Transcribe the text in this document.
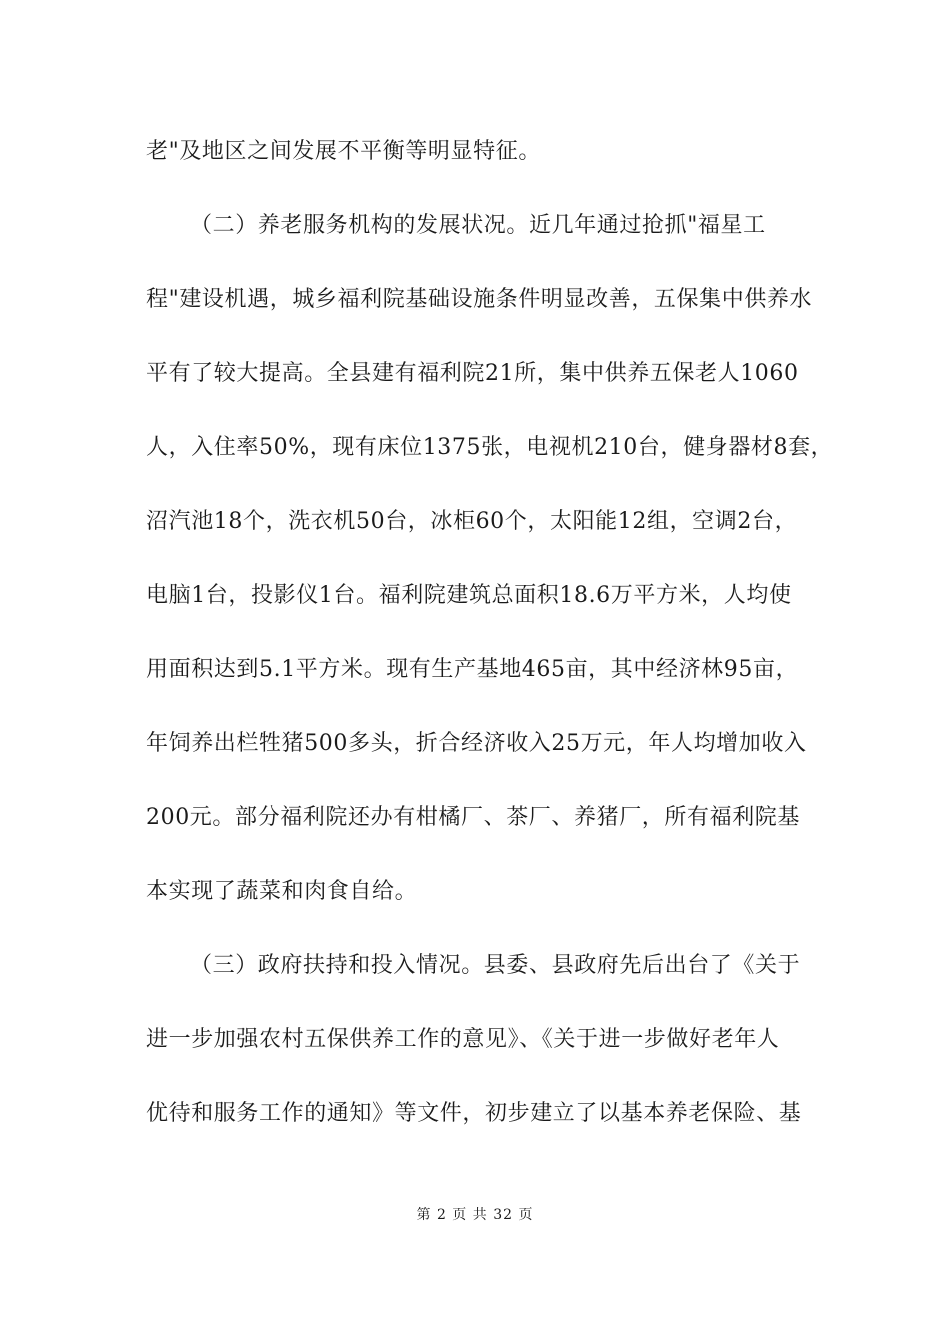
老"及地区之间发展不平衡等明显特征。

（二）养老服务机构的发展状况。近几年通过抢抓"福星工

程"建设机遇，城乡福利院基础设施条件明显改善，五保集中供养水

平有了较大提高。全县建有福利院21所，集中供养五保老人1060

人，入住率50%，现有床位1375张，电视机210台，健身器材8套，

沼汽池18个，洗衣机50台，冰柜60个，太阳能12组，空调2台，

电脑1台，投影仪1台。福利院建筑总面积18.6万平方米，人均使

用面积达到5.1平方米。现有生产基地465亩，其中经济林95亩，

年饲养出栏牲猪500多头，折合经济收入25万元，年人均增加收入

200元。部分福利院还办有柑橘厂、茶厂、养猪厂，所有福利院基

本实现了蔬菜和肉食自给。

（三）政府扶持和投入情况。县委、县政府先后出台了《关于

进一步加强农村五保供养工作的意见》、《关于进一步做好老年人

优待和服务工作的通知》等文件，初步建立了以基本养老保险、基

第 2 页 共 32 页
